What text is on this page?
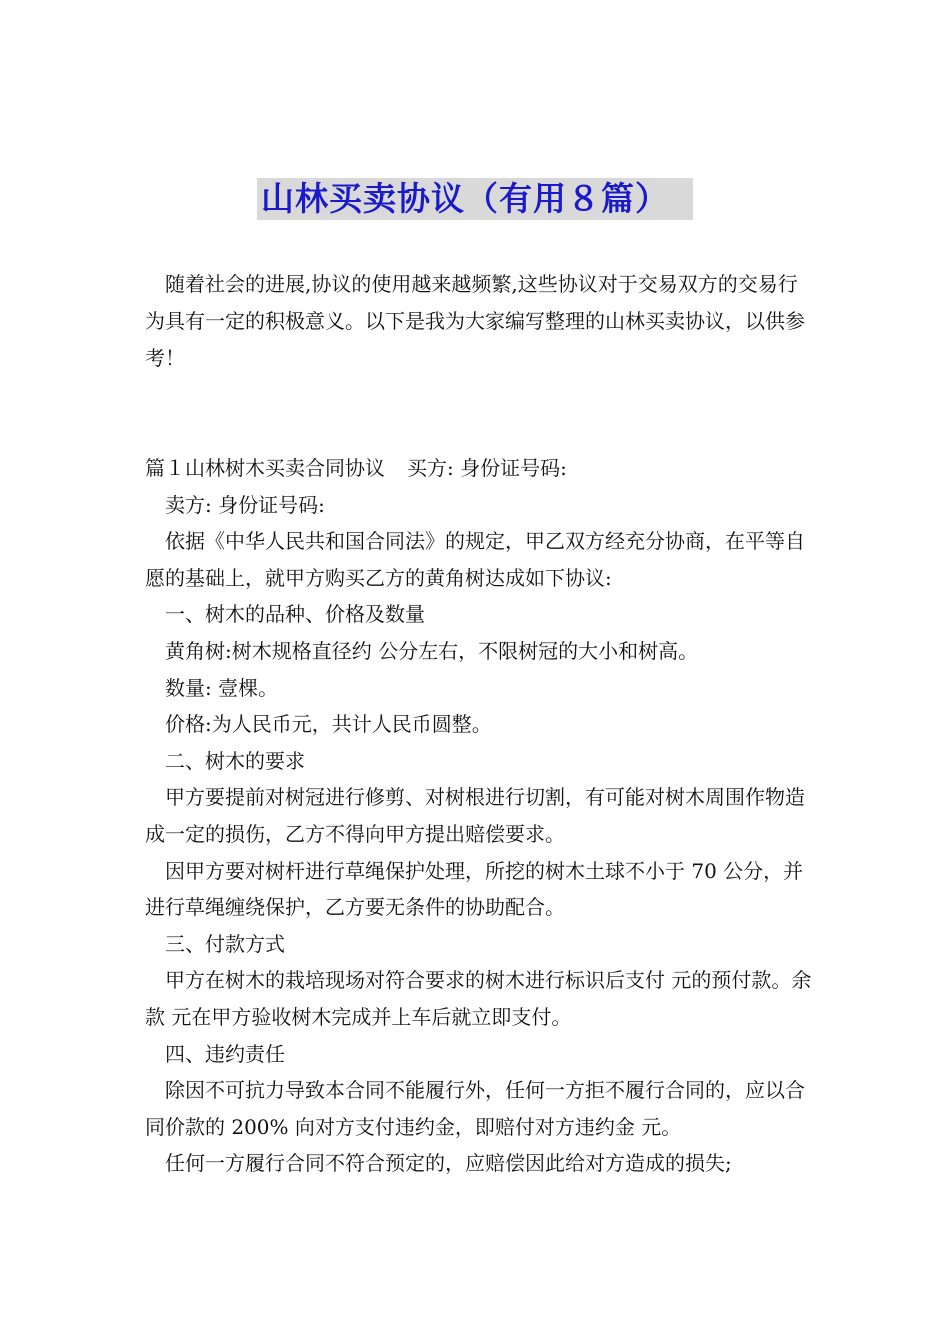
山林买卖协议（有用８篇）

随着社会的进展,协议的使用越来越频繁,这些协议对于交易双方的交易行为具有一定的积极意义。以下是我为大家编写整理的山林买卖协议，以供参考！

篇１山林树木买卖合同协议 买方: 身份证号码:

卖方: 身份证号码:

依据《中华人民共和国合同法》的规定，甲乙双方经充分协商，在平等自愿的基础上，就甲方购买乙方的黄角树达成如下协议:

一、树木的品种、价格及数量

黄角树:树木规格直径约 公分左右，不限树冠的大小和树高。

数量: 壹棵。

价格:为人民币元，共计人民币圆整。

二、树木的要求

甲方要提前对树冠进行修剪、对树根进行切割，有可能对树木周围作物造成一定的损伤，乙方不得向甲方提出赔偿要求。

因甲方要对树杆进行草绳保护处理，所挖的树木土球不小于 70 公分，并进行草绳缠绕保护，乙方要无条件的协助配合。

三、付款方式

甲方在树木的栽培现场对符合要求的树木进行标识后支付 元的预付款。余款 元在甲方验收树木完成并上车后就立即支付。

四、违约责任

除因不可抗力导致本合同不能履行外，任何一方拒不履行合同的，应以合同价款的 200% 向对方支付违约金，即赔付对方违约金 元。

任何一方履行合同不符合预定的，应赔偿因此给对方造成的损失;
